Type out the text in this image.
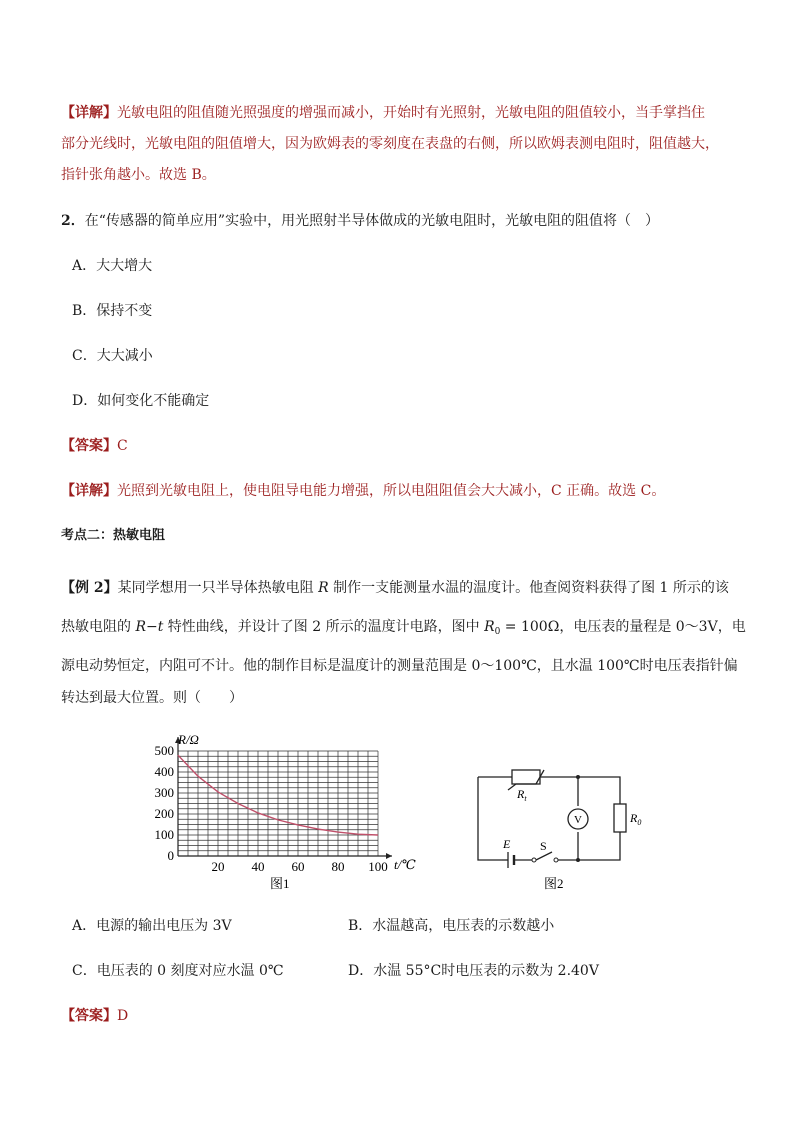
【详解】光敏电阻的阻值随光照强度的增强而减小，开始时有光照射，光敏电阻的阻值较小，当手掌挡住
部分光线时，光敏电阻的阻值增大，因为欧姆表的零刻度在表盘的右侧，所以欧姆表测电阻时，阻值越大，
指针张角越小。故选 B。
2．在“传感器的简单应用”实验中，用光照射半导体做成的光敏电阻时，光敏电阻的阻值将（　）
A．大大增大
B．保持不变
C．大大减小
D．如何变化不能确定
【答案】C
【详解】光照到光敏电阻上，使电阻导电能力增强，所以电阻阻值会大大减小，C 正确。故选 C。
考点二：热敏电阻
【例 2】某同学想用一只半导体热敏电阻 R 制作一支能测量水温的温度计。他查阅资料获得了图 1 所示的该
热敏电阻的 R−t 特性曲线，并设计了图 2 所示的温度计电路，图中 $R_0 = 100\Omega$，电压表的量程是 0～3V，电
源电动势恒定，内阻可不计。他的制作目标是温度计的测量范围是 0～100℃，且水温 100℃时电压表指针偏
转达到最大位置。则（　　）
0
100
200
300
400
500
20 40 60 80 100
R/Ω
t/℃
图1
$R_t$
$R_0$
V
E S
图2
A．电源的输出电压为 3V	B．水温越高，电压表的示数越小
C．电压表的 0 刻度对应水温 0℃	D．水温 55°C时电压表的示数为 2.40V
【答案】D
